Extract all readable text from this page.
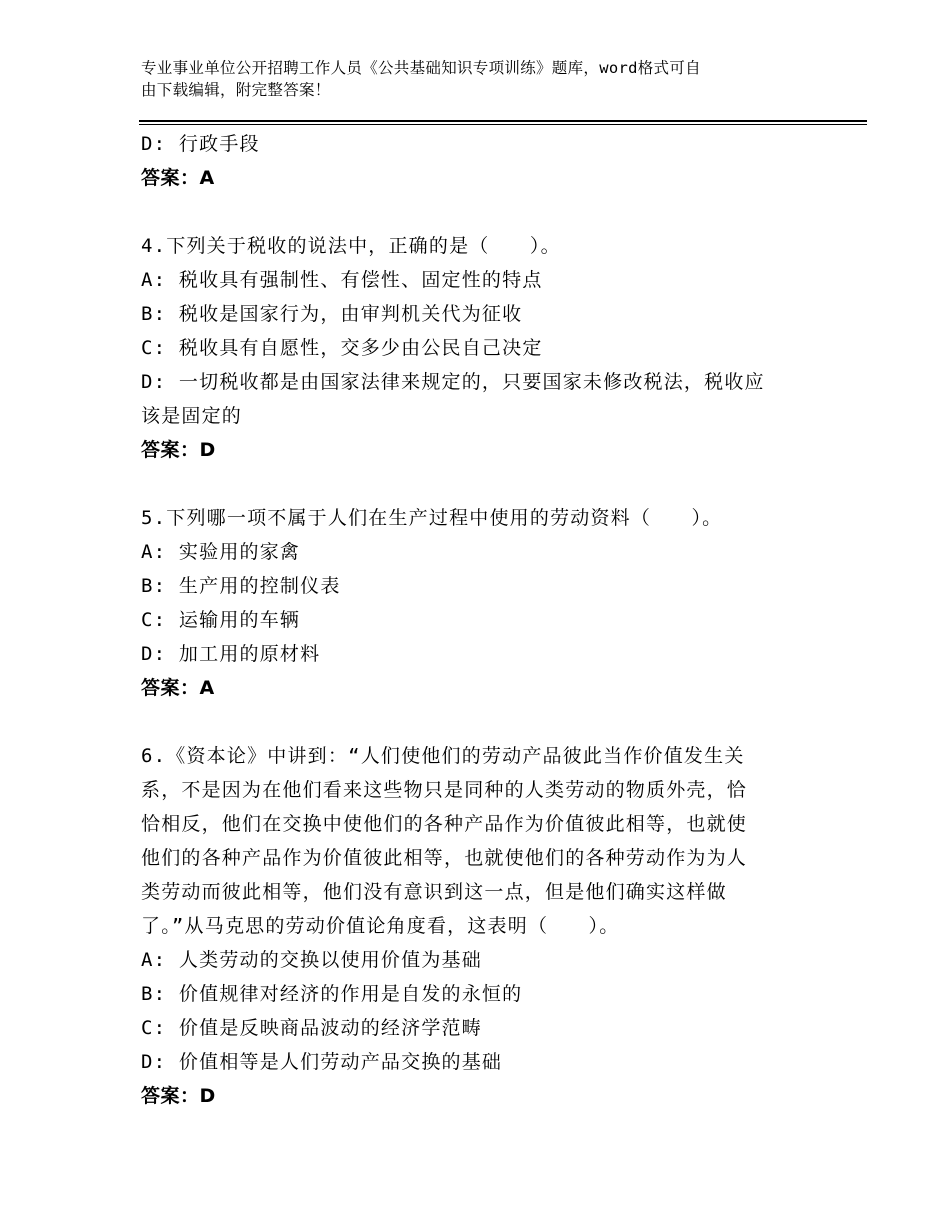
专业事业单位公开招聘工作人员《公共基础知识专项训练》题库，word格式可自
由下载编辑，附完整答案！
D: 行政手段
答案：A
4.下列关于税收的说法中，正确的是（　　）。
A: 税收具有强制性、有偿性、固定性的特点
B: 税收是国家行为，由审判机关代为征收
C: 税收具有自愿性，交多少由公民自己决定
D: 一切税收都是由国家法律来规定的，只要国家未修改税法，税收应
该是固定的
答案：D
5.下列哪一项不属于人们在生产过程中使用的劳动资料（　　）。
A: 实验用的家禽
B: 生产用的控制仪表
C: 运输用的车辆
D: 加工用的原材料
答案：A
6.《资本论》中讲到：“人们使他们的劳动产品彼此当作价值发生关
系，不是因为在他们看来这些物只是同种的人类劳动的物质外壳，恰
恰相反，他们在交换中使他们的各种产品作为价值彼此相等，也就使
他们的各种产品作为价值彼此相等，也就使他们的各种劳动作为为人
类劳动而彼此相等，他们没有意识到这一点，但是他们确实这样做
了。”从马克思的劳动价值论角度看，这表明（　　）。
A: 人类劳动的交换以使用价值为基础
B: 价值规律对经济的作用是自发的永恒的
C: 价值是反映商品波动的经济学范畴
D: 价值相等是人们劳动产品交换的基础
答案：D
